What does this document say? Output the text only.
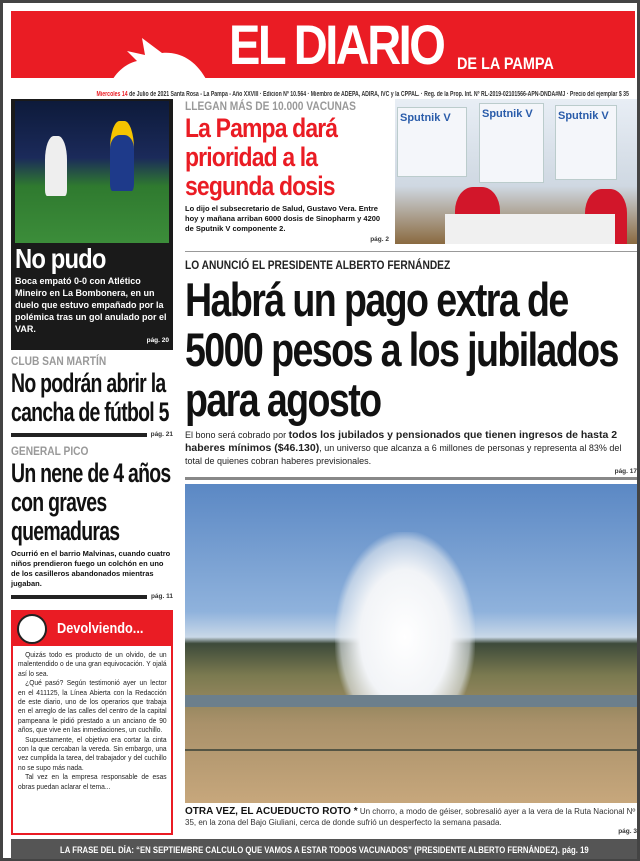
EL DIARIO DE LA PAMPA
Miercoles 14 de Julio de 2021 Santa Rosa - La Pampa - Año XXVIII · Edicion Nº 10.564 · Miembro de ADEPA, ADIRA, IVC y la CPPAL. · Reg. de la Prop. Int. Nº RL-2019-02101566-APN-DNDA#MJ · Precio del ejemplar $ 35
No pudo
Boca empató 0-0 con Atlético Mineiro en La Bombonera, en un duelo que estuvo empañado por la polémica tras un gol anulado por el VAR.
pág. 20
CLUB SAN MARTÍN
No podrán abrir la cancha de fútbol 5
pág. 21
GENERAL PICO
Un nene de 4 años con graves quemaduras
Ocurrió en el barrio Malvinas, cuando cuatro niños prendieron fuego un colchón en uno de los casilleros abandonados mientras jugaban.
pág. 11
Devolviendo...

Quizás todo es producto de un olvido, de un malentendido o de una gran equivocación. Y ojalá así lo sea.

¿Qué pasó? Según testimonió ayer un lector en el 411125, la Línea Abierta con la Redacción de este diario, uno de los operarios que trabaja en el arreglo de las calles del centro de la capital pampeana le pidió prestado a un anciano de 90 años, que vive en las inmediaciones, un cuchillo.

Supuestamente, el objetivo era cortar la cinta con la que cercaban la vereda. Sin embargo, una vez cumplida la tarea, del trabajador y del cuchillo no se supo más nada.

Tal vez en la empresa responsable de esas obras puedan aclarar el tema...

LLEGAN MÁS DE 10.000 VACUNAS
La Pampa dará prioridad a la segunda dosis
Lo dijo el subsecretario de Salud, Gustavo Vera. Entre hoy y mañana arriban 6000 dosis de Sinopharm y 4200 de Sputnik V componente 2.
pág. 2
Sputnik V	Sputnik V	Sputnik V
LO ANUNCIÓ EL PRESIDENTE ALBERTO FERNÁNDEZ
Habrá un pago extra de 5000 pesos a los jubilados para agosto
El bono será cobrado por todos los jubilados y pensionados que tienen ingresos de hasta 2 haberes mínimos ($46.130), un universo que alcanza a 6 millones de personas y representa al 83% del total de quienes cobran haberes previsionales.
pág. 17
OTRA VEZ, EL ACUEDUCTO ROTO * Un chorro, a modo de géiser, sobresalió ayer a la vera de la Ruta Nacional Nº 35, en la zona del Bajo Giuliani, cerca de donde sufrió un desperfecto la semana pasada.
pág. 3
LA FRASE DEL DÍA: “EN SEPTIEMBRE CALCULO QUE VAMOS A ESTAR TODOS VACUNADOS” (PRESIDENTE ALBERTO FERNÁNDEZ). pág. 19
